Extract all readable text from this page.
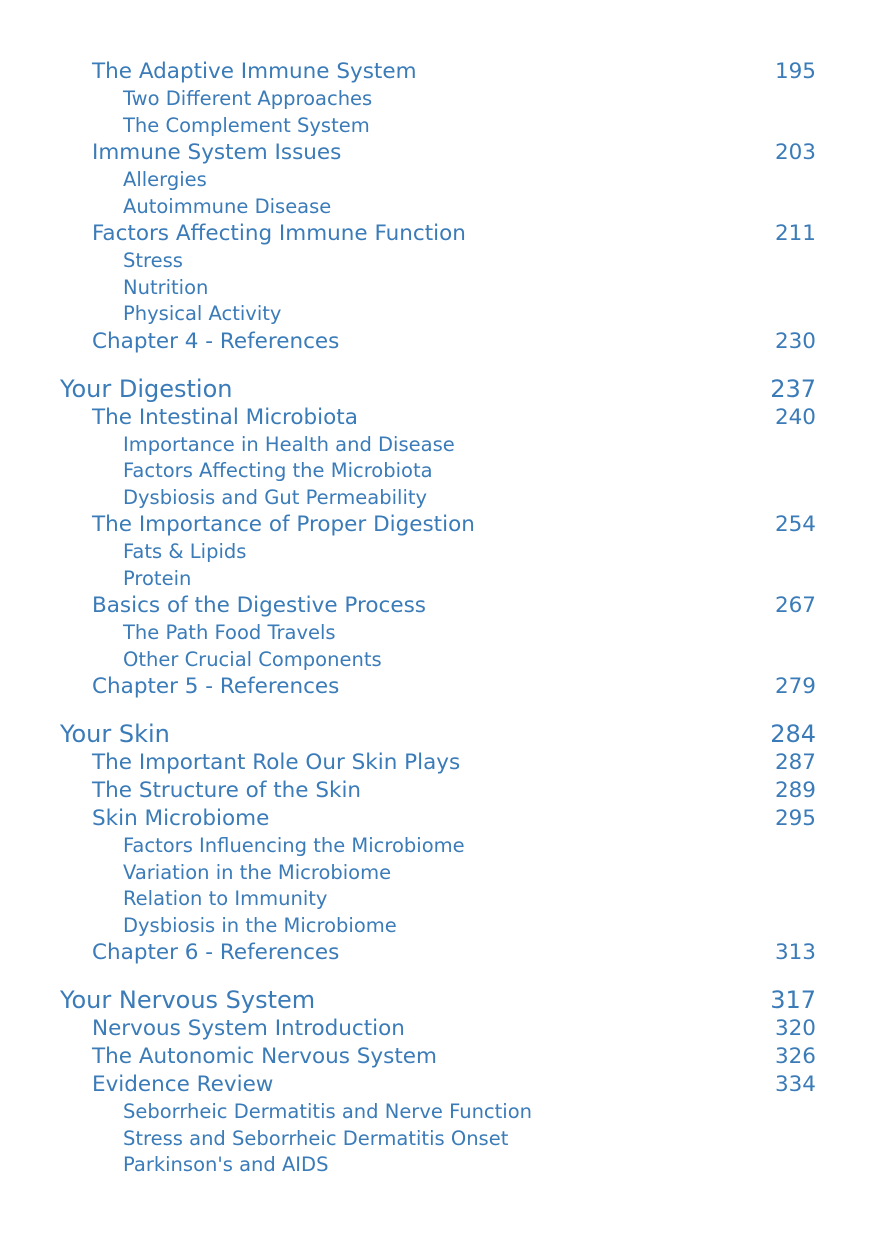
The Adaptive Immune System	195
Two Different Approaches
The Complement System
Immune System Issues	203
Allergies
Autoimmune Disease
Factors Affecting Immune Function	211
Stress
Nutrition
Physical Activity
Chapter 4 - References	230
Your Digestion	237
The Intestinal Microbiota	240
Importance in Health and Disease
Factors Affecting the Microbiota
Dysbiosis and Gut Permeability
The Importance of Proper Digestion	254
Fats & Lipids
Protein
Basics of the Digestive Process	267
The Path Food Travels
Other Crucial Components
Chapter 5 - References	279
Your Skin	284
The Important Role Our Skin Plays	287
The Structure of the Skin	289
Skin Microbiome	295
Factors Influencing the Microbiome
Variation in the Microbiome
Relation to Immunity
Dysbiosis in the Microbiome
Chapter 6 - References	313
Your Nervous System	317
Nervous System Introduction	320
The Autonomic Nervous System	326
Evidence Review	334
Seborrheic Dermatitis and Nerve Function
Stress and Seborrheic Dermatitis Onset
Parkinson's and AIDS
